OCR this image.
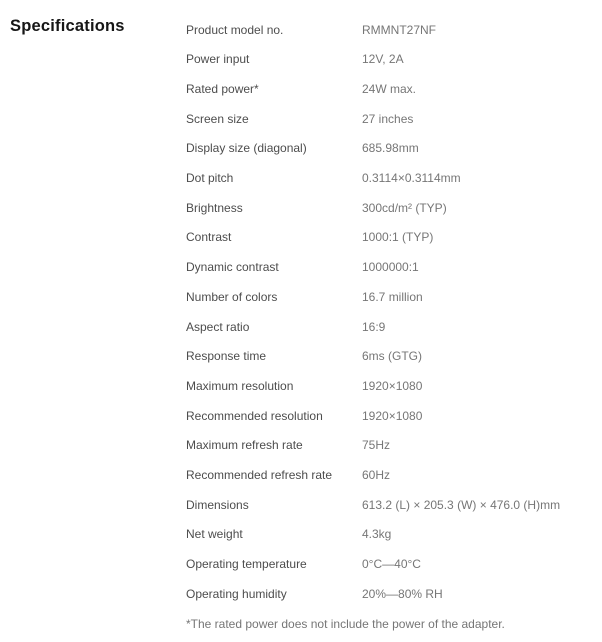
Specifications	Product model no.	RMMNT27NF
Power input	12V, 2A
Rated power*	24W max.
Screen size	27 inches
Display size (diagonal)	685.98mm
Dot pitch	0.3114×0.3114mm
Brightness	300cd/m² (TYP)
Contrast	1000:1 (TYP)
Dynamic contrast	1000000:1
Number of colors	16.7 million
Aspect ratio	16:9
Response time	6ms (GTG)
Maximum resolution	1920×1080
Recommended resolution	1920×1080
Maximum refresh rate	75Hz
Recommended refresh rate	60Hz
Dimensions	613.2 (L) × 205.3 (W) × 476.0 (H)mm
Net weight	4.3kg
Operating temperature	0°C—40°C
Operating humidity	20%—80% RH
*The rated power does not include the power of the adapter.
